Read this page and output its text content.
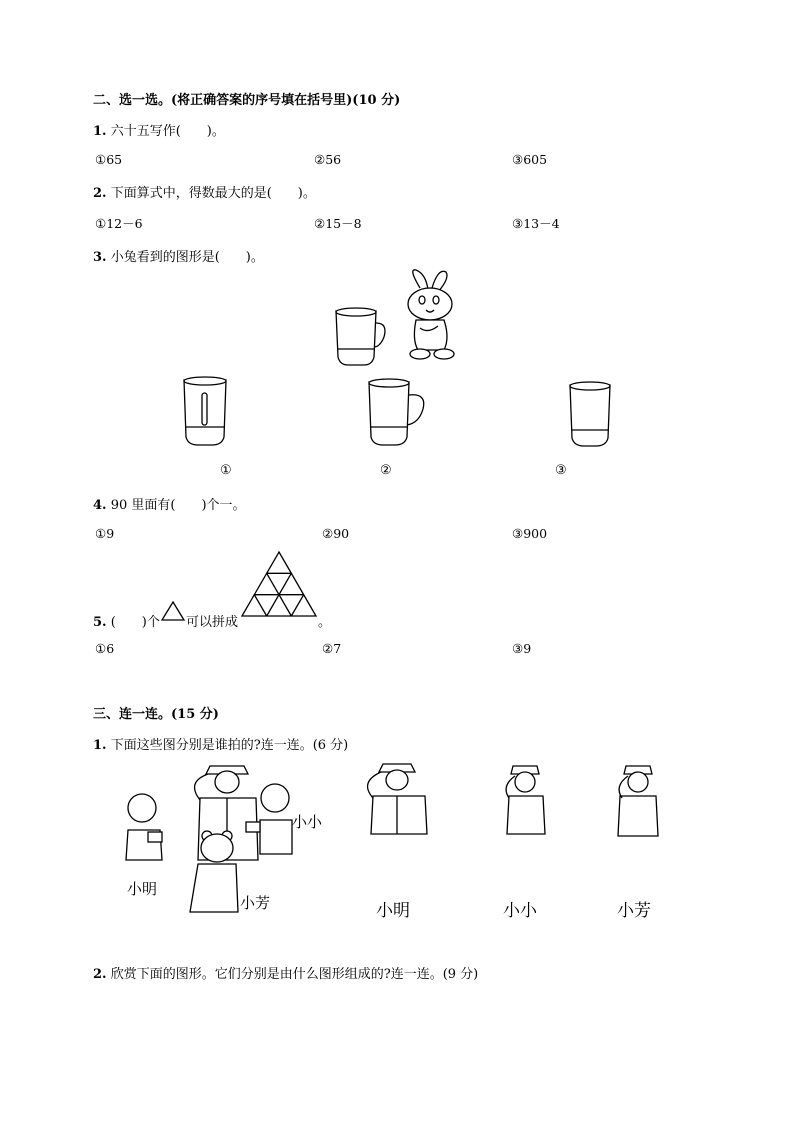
二、选一选。(将正确答案的序号填在括号里)(10 分)
1. 六十五写作(　　)。
①65	②56	③605
2. 下面算式中，得数最大的是(　　)。
①12－6	②15－8	③13－4
3. 小兔看到的图形是(　　)。
①	②	③
4. 90 里面有(　　)个一。
①9	②90	③900
5. (　　)个 可以拼成	。
①6	②7	③9
三、连一连。(15 分)
1. 下面这些图分别是谁拍的?连一连。(6 分)
小明
小芳
小小
小明	小小	小芳
2. 欣赏下面的图形。它们分别是由什么图形组成的?连一连。(9 分)
